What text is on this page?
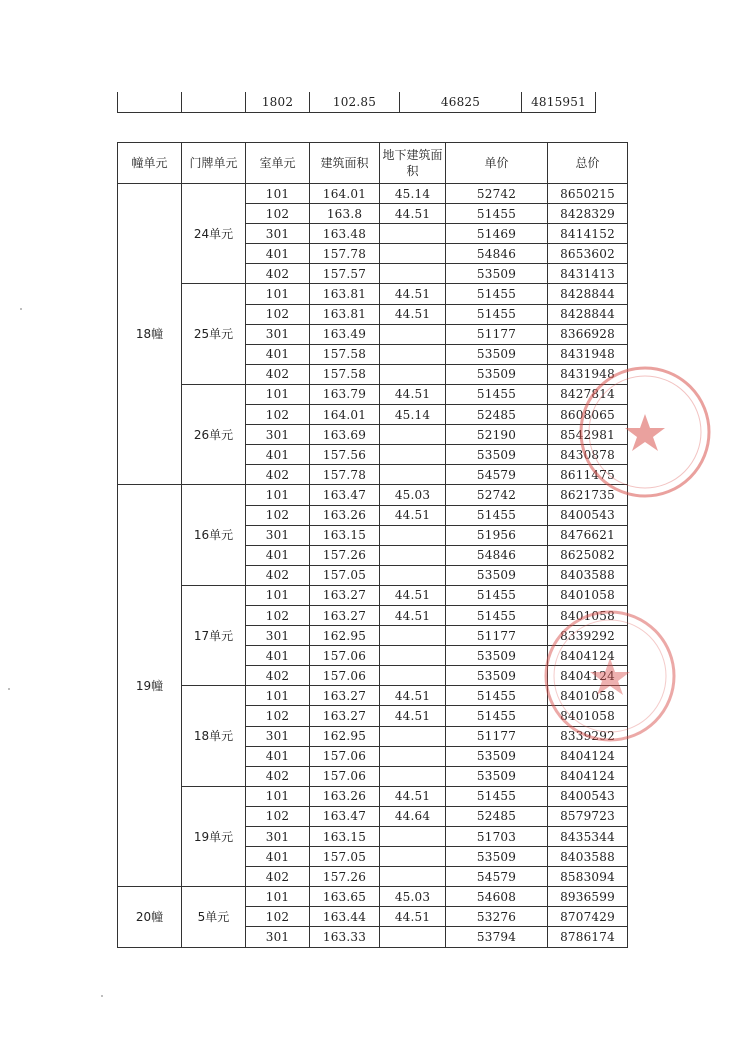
		1802	102.85	46825	4815951
幢单元	门牌单元	室单元	建筑面积	地下建筑面积	单价	总价
18幢	24单元	101	164.01	45.14	52742	8650215
		102	163.8	44.51	51455	8428329
		301	163.48		51469	8414152
		401	157.78		54846	8653602
		402	157.57		53509	8431413
	25单元	101	163.81	44.51	51455	8428844
		102	163.81	44.51	51455	8428844
		301	163.49		51177	8366928
		401	157.58		53509	8431948
		402	157.58		53509	8431948
	26单元	101	163.79	44.51	51455	8427814
		102	164.01	45.14	52485	8608065
		301	163.69		52190	8542981
		401	157.56		53509	8430878
		402	157.78		54579	8611475
19幢	16单元	101	163.47	45.03	52742	8621735
		102	163.26	44.51	51455	8400543
		301	163.15		51956	8476621
		401	157.26		54846	8625082
		402	157.05		53509	8403588
	17单元	101	163.27	44.51	51455	8401058
		102	163.27	44.51	51455	8401058
		301	162.95		51177	8339292
		401	157.06		53509	8404124
		402	157.06		53509	8404124
	18单元	101	163.27	44.51	51455	8401058
		102	163.27	44.51	51455	8401058
		301	162.95		51177	8339292
		401	157.06		53509	8404124
		402	157.06		53509	8404124
	19单元	101	163.26	44.51	51455	8400543
		102	163.47	44.64	52485	8579723
		301	163.15		51703	8435344
		401	157.05		53509	8403588
		402	157.26		54579	8583094
20幢	5单元	101	163.65	45.03	54608	8936599
		102	163.44	44.51	53276	8707429
		301	163.33		53794	8786174
